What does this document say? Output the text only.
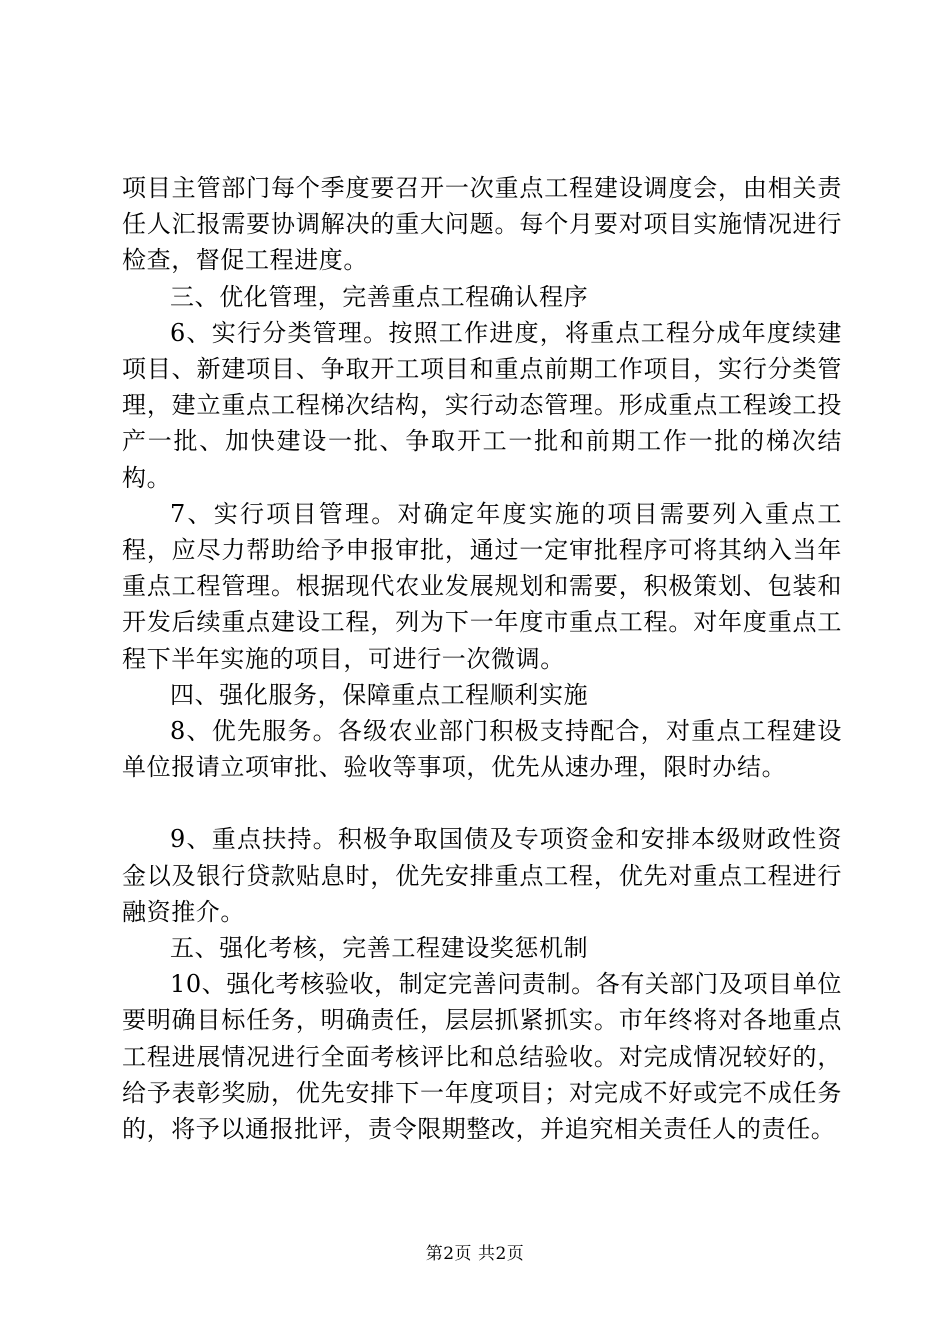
项目主管部门每个季度要召开一次重点工程建设调度会，由相关责任人汇报需要协调解决的重大问题。每个月要对项目实施情况进行检查，督促工程进度。

三、优化管理，完善重点工程确认程序

6、实行分类管理。按照工作进度，将重点工程分成年度续建项目、新建项目、争取开工项目和重点前期工作项目，实行分类管理，建立重点工程梯次结构，实行动态管理。形成重点工程竣工投产一批、加快建设一批、争取开工一批和前期工作一批的梯次结构。

7、实行项目管理。对确定年度实施的项目需要列入重点工程，应尽力帮助给予申报审批，通过一定审批程序可将其纳入当年重点工程管理。根据现代农业发展规划和需要，积极策划、包装和开发后续重点建设工程，列为下一年度市重点工程。对年度重点工程下半年实施的项目，可进行一次微调。

四、强化服务，保障重点工程顺利实施

8、优先服务。各级农业部门积极支持配合，对重点工程建设单位报请立项审批、验收等事项，优先从速办理，限时办结。

9、重点扶持。积极争取国债及专项资金和安排本级财政性资金以及银行贷款贴息时，优先安排重点工程，优先对重点工程进行融资推介。

五、强化考核，完善工程建设奖惩机制

10、强化考核验收，制定完善问责制。各有关部门及项目单位要明确目标任务，明确责任，层层抓紧抓实。市年终将对各地重点工程进展情况进行全面考核评比和总结验收。对完成情况较好的，给予表彰奖励，优先安排下一年度项目；对完成不好或完不成任务的，将予以通报批评，责令限期整改，并追究相关责任人的责任。

第2页 共2页
